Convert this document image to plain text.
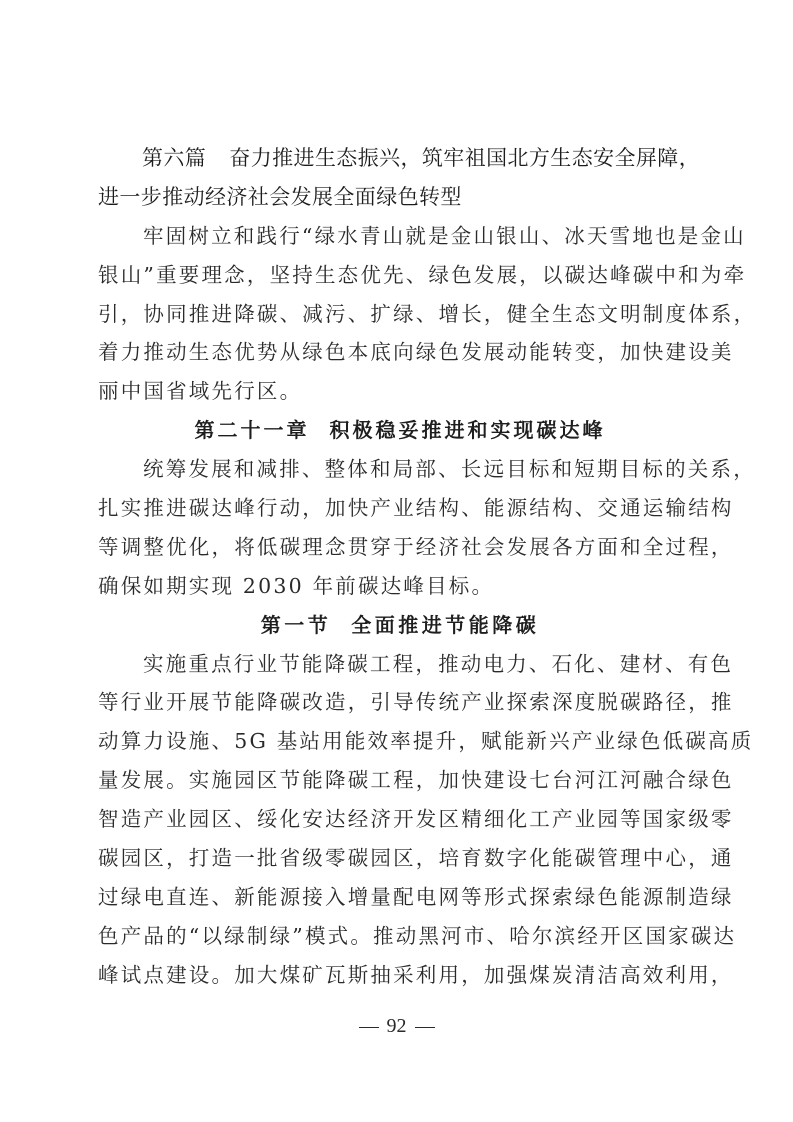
第六篇　  奋力推进生态振兴，筑牢祖国北方生态安全屏障，
进一步推动经济社会发展全面绿色转型
牢固树立和践行“绿水青山就是金山银山、冰天雪地也是金山
银山”重要理念，坚持生态优先、绿色发展，以碳达峰碳中和为牵
引，协同推进降碳、减污、扩绿、增长，健全生态文明制度体系，
着力推动生态优势从绿色本底向绿色发展动能转变，加快建设美
丽中国省域先行区。
第二十一章　 积极稳妥推进和实现碳达峰
统筹发展和减排、整体和局部、长远目标和短期目标的关系，
扎实推进碳达峰行动，加快产业结构、能源结构、交通运输结构
等调整优化，将低碳理念贯穿于经济社会发展各方面和全过程，
确保如期实现 2030 年前碳达峰目标。
第一节　 全面推进节能降碳
实施重点行业节能降碳工程，推动电力、石化、建材、有色
等行业开展节能降碳改造，引导传统产业探索深度脱碳路径，推
动算力设施、5G 基站用能效率提升，赋能新兴产业绿色低碳高质
量发展。实施园区节能降碳工程，加快建设七台河江河融合绿色
智造产业园区、绥化安达经济开发区精细化工产业园等国家级零
碳园区，打造一批省级零碳园区，培育数字化能碳管理中心，通
过绿电直连、新能源接入增量配电网等形式探索绿色能源制造绿
色产品的“以绿制绿”模式。推动黑河市、哈尔滨经开区国家碳达
峰试点建设。加大煤矿瓦斯抽采利用，加强煤炭清洁高效利用，
92
